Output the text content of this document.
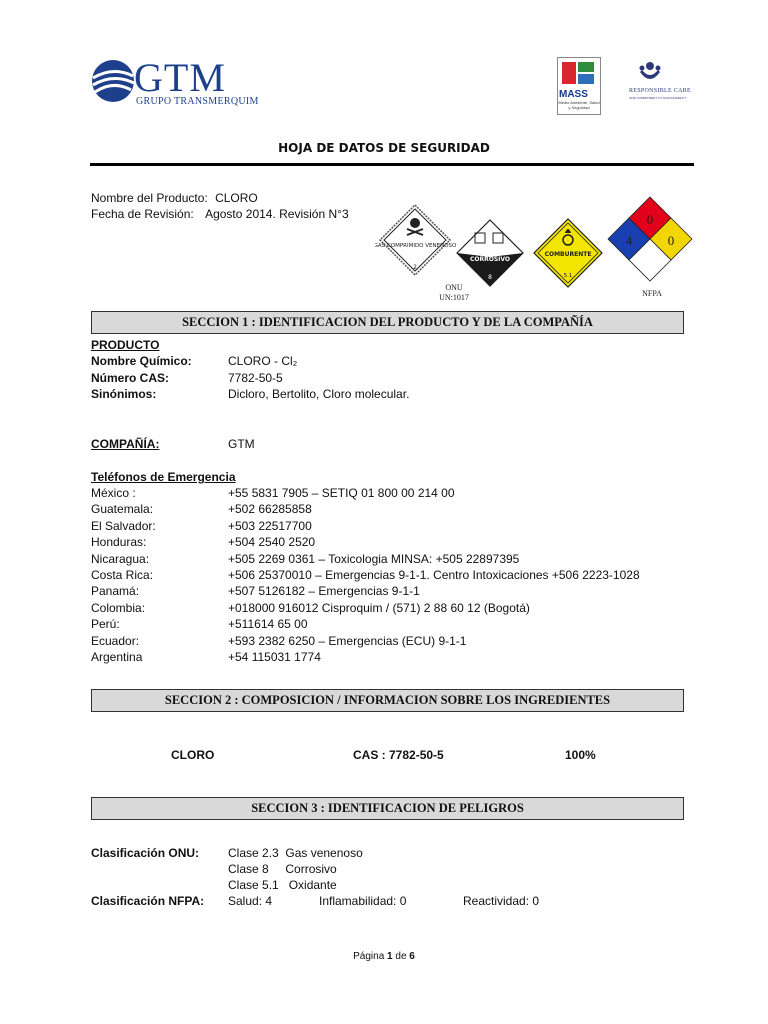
GTM
GRUPO TRANSMERQUIM
MASS
Medio Ambiente, Salud y Seguridad
RESPONSIBLE CARE
OUR COMMITMENT TO SUSTAINABILITY
HOJA DE DATOS DE SEGURIDAD
Nombre del Producto: CLORO
Fecha de Revisión: Agosto 2014. Revisión N°3
GAS COMPRIMIDO VENENOSO
2
CORROSIVO
8
COMBURENTE
5.1
0
4	0
ONU
UN:1017	NFPA
SECCION 1 : IDENTIFICACION DEL PRODUCTO Y DE LA COMPAÑÍA
PRODUCTO
Nombre Químico:	CLORO - Cl₂
Número CAS:	7782-50-5
Sinónimos:	Dicloro, Bertolito, Cloro molecular.
COMPAÑÍA:	GTM
Teléfonos de Emergencia
México :	+55 5831 7905 – SETIQ 01 800 00 214 00
Guatemala:	+502 66285858
El Salvador:	+503 22517700
Honduras:	+504 2540 2520
Nicaragua:	+505 2269 0361 – Toxicologia MINSA: +505 22897395
Costa Rica:	+506 25370010 – Emergencias 9-1-1. Centro Intoxicaciones +506 2223-1028
Panamá:	+507 5126182 – Emergencias 9-1-1
Colombia:	+018000 916012 Cisproquim / (571) 2 88 60 12 (Bogotá)
Perú:	+511614 65 00
Ecuador:	+593 2382 6250 – Emergencias (ECU) 9-1-1
Argentina	+54 115031 1774
SECCION 2 : COMPOSICION / INFORMACION SOBRE LOS INGREDIENTES
CLORO	CAS : 7782-50-5	100%
SECCION 3 : IDENTIFICACION DE PELIGROS
Clasificación ONU: Clase 2.3  Gas venenoso
Clase 8     Corrosivo
Clase 5.1   Oxidante
Clasificación NFPA: Salud: 4	Inflamabilidad: 0	Reactividad: 0
Página 1 de 6
